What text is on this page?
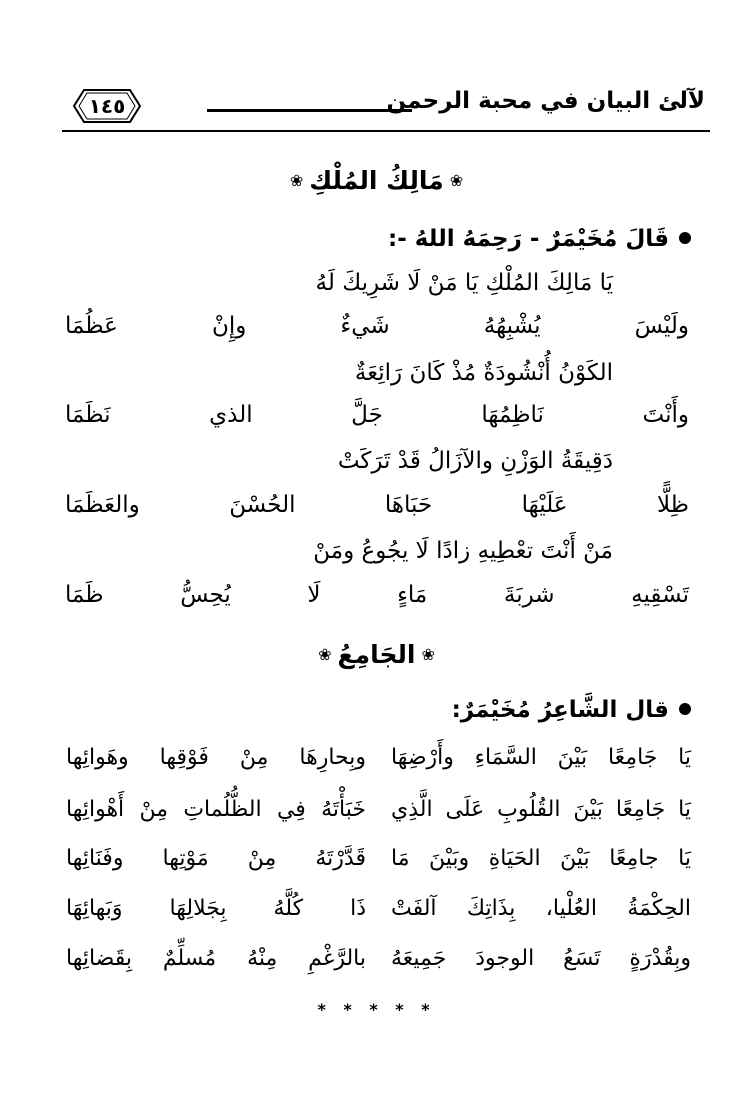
لآلئ البيان في محبة الرحمن
١٤٥
❀مَالِكُ المُلْكِ❀
قَالَ مُخَيْمَرٌ - رَحِمَهُ اللهُ -:
يَا مَالِكَ المُلْكِ يَا مَنْ لَا شَرِيكَ لَهُ
ولَيْسَ يُشْبِهُهُ شَيءٌ وإِنْ عَظُمَا
الكَوْنُ أُنْشُودَةٌ مُذْ كَانَ رَائِعَةٌ
وأَنْتَ نَاظِمُهَا جَلَّ الذي نَظَمَا
دَقِيقَةُ الوَزْنِ والآزَالُ قَدْ تَرَكَتْ
ظِلًّا عَلَيْهَا حَبَاهَا الحُسْنَ والعَظَمَا
مَنْ أَنْتَ تعْطِيهِ زادًا لَا يجُوعُ ومَنْ
تَسْقِيهِ شربَةَ مَاءٍ لَا يُحِسُّ ظَمَا
❀الجَامِعُ❀
قال الشَّاعِرُ مُخَيْمَرٌ:
يَا جَامِعًا بَيْنَ السَّمَاءِ وأَرْضِهَا
وبِحارِهَا مِنْ فَوْقِها وهَوائِها
يَا جَامِعًا بَيْنَ القُلُوبِ عَلَى الَّذِي
خَبَأْتَهُ فِي الظُّلُماتِ مِنْ أَهْوائِها
يَا جامِعًا بَيْنَ الحَيَاةِ وبَيْنَ مَا
قَدَّرْتَهُ مِنْ مَوْتِها وفَنَائِها
الحِكْمَةُ العُلْيا، بِذَاتِكَ آلفَتْ
ذَا كُلَّهُ بِجَلالِهَا وَبَهائِهَا
وبِقُدْرَةٍ تَسَعُ الوجودَ جَمِيعَهُ
بالرَّغْمِ مِنْهُ مُسلِّمٌ بِقَضائِها
* * * * *
